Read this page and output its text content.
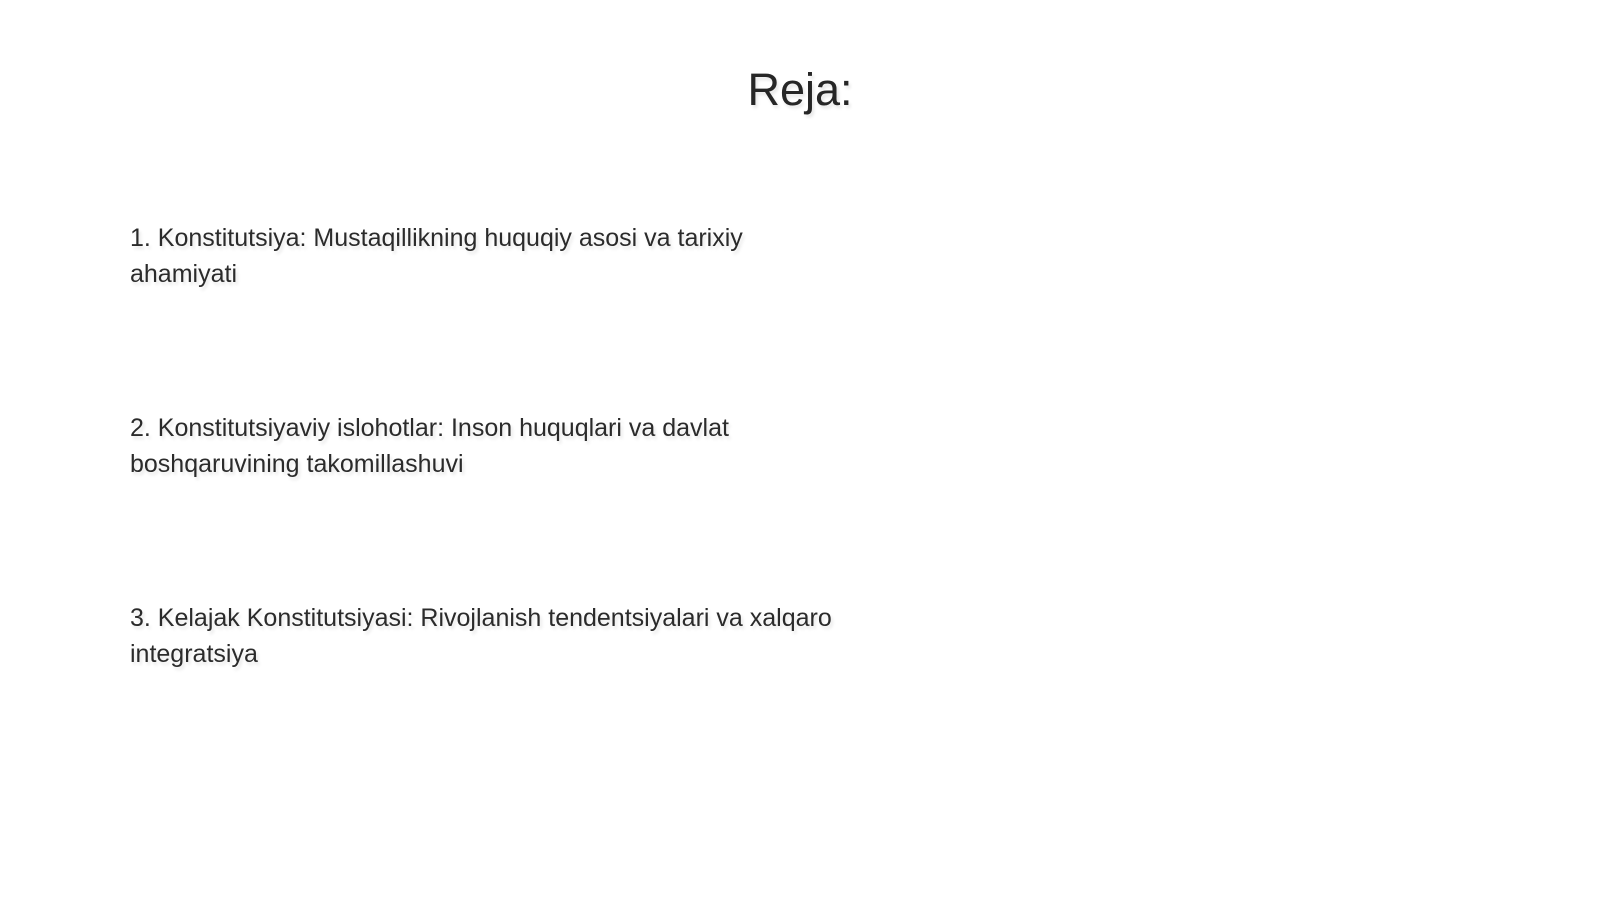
Reja:
1. Konstitutsiya: Mustaqillikning huquqiy asosi va tarixiy ahamiyati
2. Konstitutsiyaviy islohotlar: Inson huquqlari va davlat boshqaruvining takomillashuvi
3. Kelajak Konstitutsiyasi: Rivojlanish tendentsiyalari va xalqaro integratsiya
